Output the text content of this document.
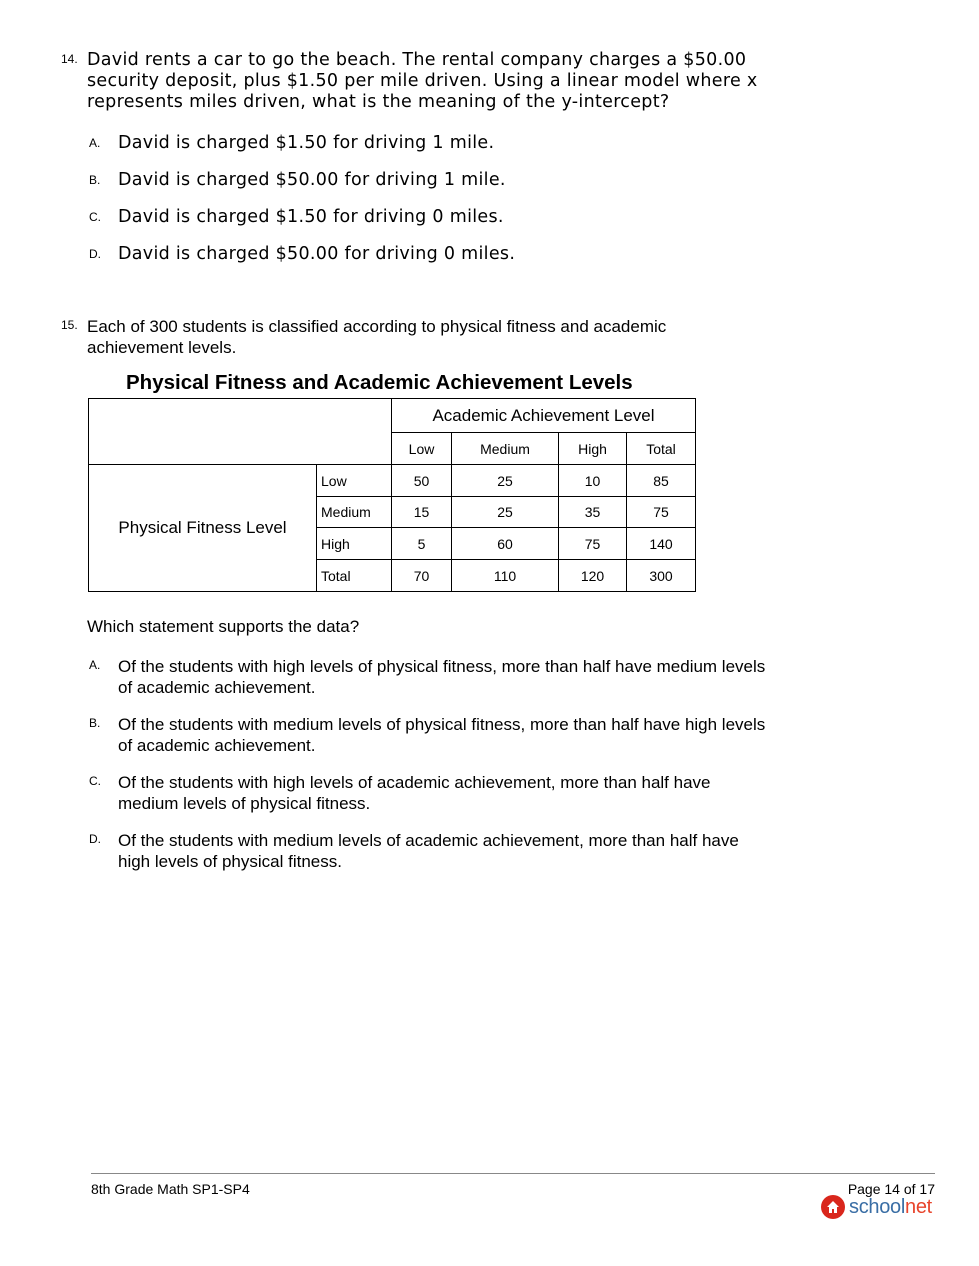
14. David rents a car to go the beach. The rental company charges a $50.00
security deposit, plus $1.50 per mile driven. Using a linear model where x
represents miles driven, what is the meaning of the y-intercept?
A. David is charged $1.50 for driving 1 mile.
B. David is charged $50.00 for driving 1 mile.
C. David is charged $1.50 for driving 0 miles.
D. David is charged $50.00 for driving 0 miles.
15. Each of 300 students is classified according to physical fitness and academic
achievement levels.
Physical Fitness and Academic Achievement Levels
		Academic Achievement Level			
		Low	Medium	High	Total
Physical Fitness Level	Low	50	25	10	85
	Medium	15	25	35	75
	High	5	60	75	140
	Total	70	110	120	300
Which statement supports the data?
A. Of the students with high levels of physical fitness, more than half have medium levels
of academic achievement.
B. Of the students with medium levels of physical fitness, more than half have high levels
of academic achievement.
C. Of the students with high levels of academic achievement, more than half have
medium levels of physical fitness.
D. Of the students with medium levels of academic achievement, more than half have
high levels of physical fitness.
8th Grade Math SP1-SP4	Page 14 of 17
schoolnet
